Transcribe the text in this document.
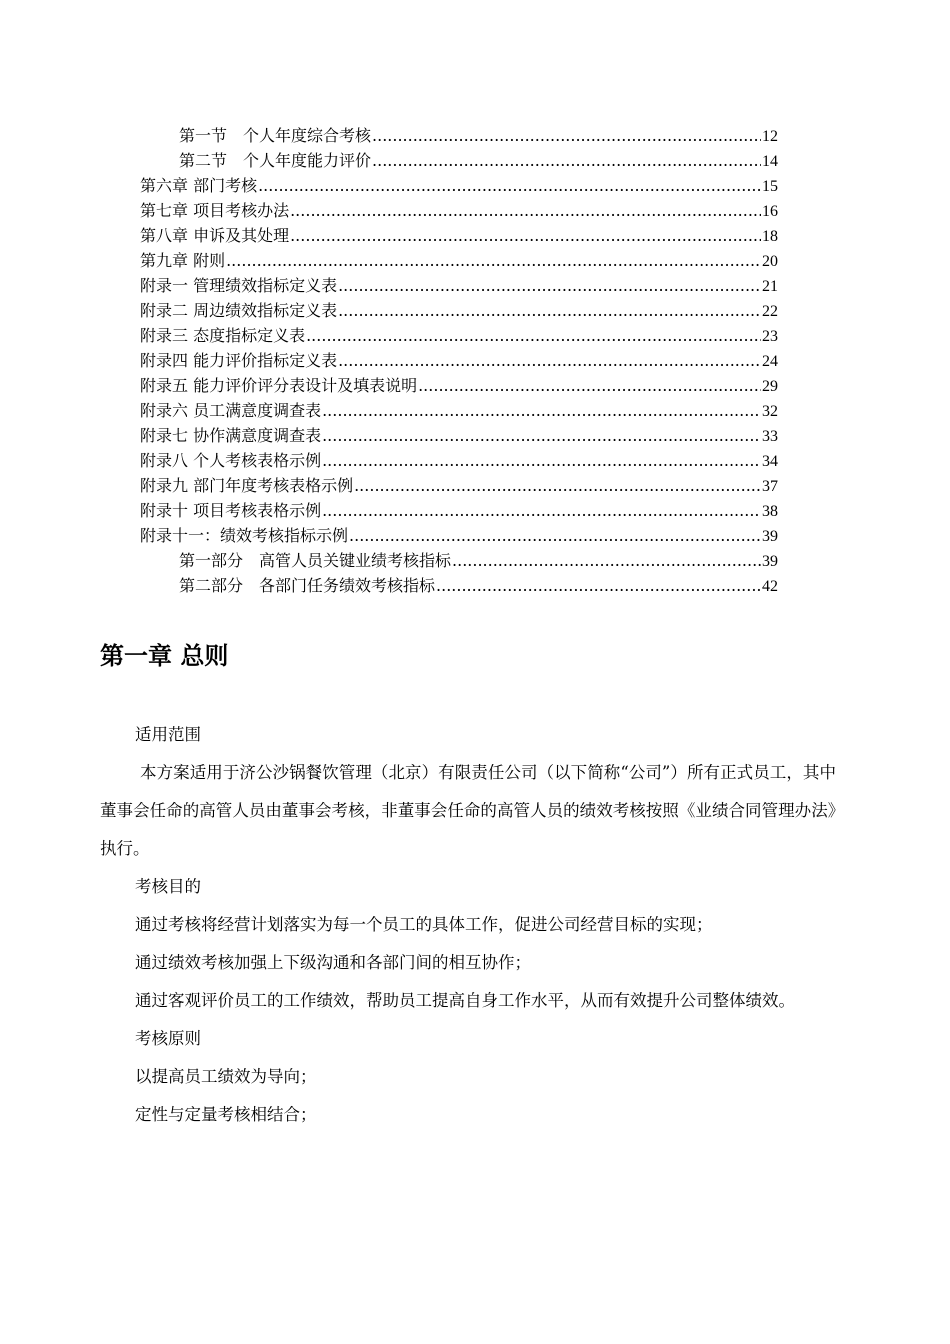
第一节　个人年度综合考核 .....	12
第二节　个人年度能力评价 .....	14
第六章 部门考核 .....	15
第七章 项目考核办法 .....	16
第八章 申诉及其处理 .....	18
第九章 附则 .....	20
附录一 管理绩效指标定义表 .....	21
附录二 周边绩效指标定义表 .....	22
附录三 态度指标定义表 .....	23
附录四 能力评价指标定义表 .....	24
附录五 能力评价评分表设计及填表说明 .....	29
附录六 员工满意度调查表 .....	32
附录七 协作满意度调查表 .....	33
附录八 个人考核表格示例 .....	34
附录九 部门年度考核表格示例 .....	37
附录十 项目考核表格示例 .....	38
附录十一：绩效考核指标示例 .....	39
第一部分　高管人员关键业绩考核指标 .....	39
第二部分　各部门任务绩效考核指标 .....	42
第一章 总则

适用范围

本方案适用于济公沙锅餐饮管理（北京）有限责任公司（以下简称“公司”）所有正式员工，其中董事会任命的高管人员由董事会考核，非董事会任命的高管人员的绩效考核按照《业绩合同管理办法》执行。

考核目的

通过考核将经营计划落实为每一个员工的具体工作，促进公司经营目标的实现；

通过绩效考核加强上下级沟通和各部门间的相互协作；

通过客观评价员工的工作绩效，帮助员工提高自身工作水平，从而有效提升公司整体绩效。

考核原则

以提高员工绩效为导向；

定性与定量考核相结合；
